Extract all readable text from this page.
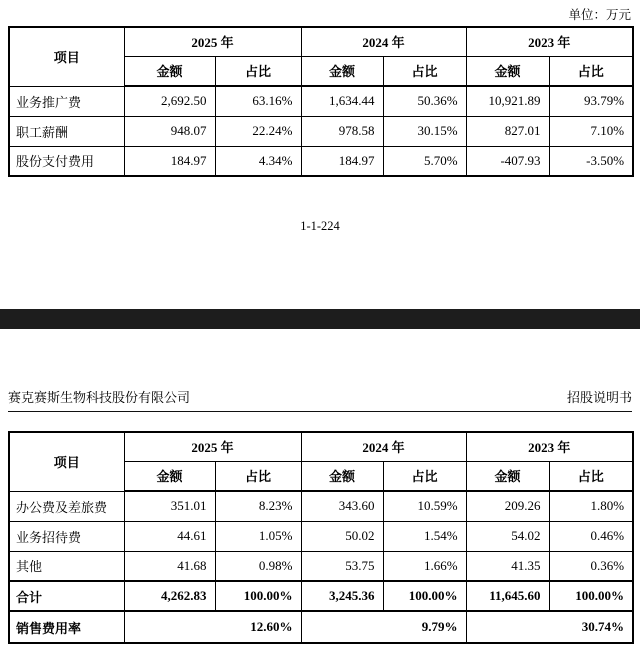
单位：万元
项目	2025 年		2024 年		2023 年	
	金额	占比	金额	占比	金额	占比
业务推广费	2,692.50	63.16%	1,634.44	50.36%	10,921.89	93.79%
职工薪酬	948.07	22.24%	978.58	30.15%	827.01	7.10%
股份支付费用	184.97	4.34%	184.97	5.70%	-407.93	-3.50%
1-1-224
赛克赛斯生物科技股份有限公司	招股说明书
项目	2025 年		2024 年		2023 年	
	金额	占比	金额	占比	金额	占比
办公费及差旅费	351.01	8.23%	343.60	10.59%	209.26	1.80%
业务招待费	44.61	1.05%	50.02	1.54%	54.02	0.46%
其他	41.68	0.98%	53.75	1.66%	41.35	0.36%
合计	4,262.83	100.00%	3,245.36	100.00%	11,645.60	100.00%
销售费用率	12.60%		9.79%		30.74%	
